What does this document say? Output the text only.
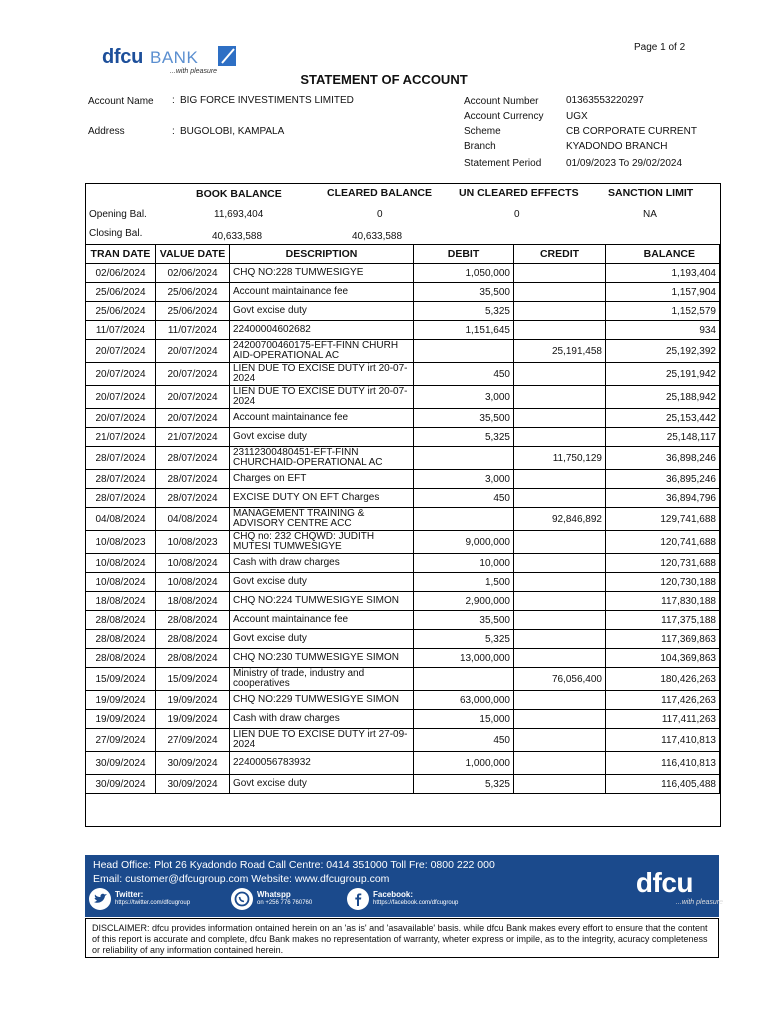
dfcu BANK
...with pleasure
Page 1 of 2
STATEMENT OF ACCOUNT
Account Name : BIG FORCE INVESTIMENTS LIMITED
Address	: BUGOLOBI, KAMPALA
Account Number	01363553220297
Account Currency UGX
Scheme	CB CORPORATE CURRENT
Branch	KYADONDO BRANCH
Statement Period 01/09/2023 To 29/02/2024
BOOK BALANCE	CLEARED BALANCE	UN CLEARED EFFECTS	SANCTION LIMIT
Opening Bal.	11,693,404	0	0	NA
Closing Bal.	40,633,588	40,633,588
TRAN DATE	VALUE DATE	DESCRIPTION	DEBIT	CREDIT	BALANCE
02/06/2024	02/06/2024	CHQ NO:228 TUMWESIGYE	1,050,000		1,193,404
25/06/2024	25/06/2024	Account maintainance fee	35,500		1,157,904
25/06/2024	25/06/2024	Govt excise duty	5,325		1,152,579
11/07/2024	11/07/2024	22400004602682	1,151,645		934
20/07/2024	20/07/2024	24200700460175-EFT-FINN CHURH AID-OPERATIONAL AC		25,191,458	25,192,392
20/07/2024	20/07/2024	LIEN DUE TO EXCISE DUTY irt 20-07-2024	450		25,191,942
20/07/2024	20/07/2024	LIEN DUE TO EXCISE DUTY irt 20-07-2024	3,000		25,188,942
20/07/2024	20/07/2024	Account maintainance fee	35,500		25,153,442
21/07/2024	21/07/2024	Govt excise duty	5,325		25,148,117
28/07/2024	28/07/2024	23112300480451-EFT-FINN CHURCHAID-OPERATIONAL AC		11,750,129	36,898,246
28/07/2024	28/07/2024	Charges on EFT	3,000		36,895,246
28/07/2024	28/07/2024	EXCISE DUTY ON EFT Charges	450		36,894,796
04/08/2024	04/08/2024	MANAGEMENT TRAINING & ADVISORY CENTRE ACC		92,846,892	129,741,688
10/08/2023	10/08/2023	CHQ no: 232 CHQWD: JUDITH MUTESI TUMWESIGYE	9,000,000		120,741,688
10/08/2024	10/08/2024	Cash with draw charges	10,000		120,731,688
10/08/2024	10/08/2024	Govt excise duty	1,500		120,730,188
18/08/2024	18/08/2024	CHQ NO:224 TUMWESIGYE SIMON	2,900,000		117,830,188
28/08/2024	28/08/2024	Account maintainance fee	35,500		117,375,188
28/08/2024	28/08/2024	Govt excise duty	5,325		117,369,863
28/08/2024	28/08/2024	CHQ NO:230 TUMWESIGYE SIMON	13,000,000		104,369,863
15/09/2024	15/09/2024	Ministry of trade, industry and cooperatives		76,056,400	180,426,263
19/09/2024	19/09/2024	CHQ NO:229 TUMWESIGYE SIMON	63,000,000		117,426,263
19/09/2024	19/09/2024	Cash with draw charges	15,000		117,411,263
27/09/2024	27/09/2024	LIEN DUE TO EXCISE DUTY irt 27-09-2024	450		117,410,813
30/09/2024	30/09/2024	22400056783932	1,000,000		116,410,813
30/09/2024	30/09/2024	Govt excise duty	5,325		116,405,488
Head Office: Plot 26 Kyadondo Road Call Centre: 0414 351000 Toll Fre: 0800 222 000
Email: customer@dfcugroup.com Website: www.dfcugroup.com
Twitter:
https://twitter.com/dfcugroup
Whatspp
on +256 776 760760
Facebook:
htttps://facebook.com/dfcugroup
dfcu
...with pleasure
DISCLAIMER: dfcu provides information ontained herein on an 'as is' and 'asavailable' basis. while dfcu Bank makes every effort to ensure that the content of this report is accurate and complete, dfcu Bank makes no representation of warranty, wheter express or impile, as to the integrity, acuracy completeness or reliability of any information contained herein.
